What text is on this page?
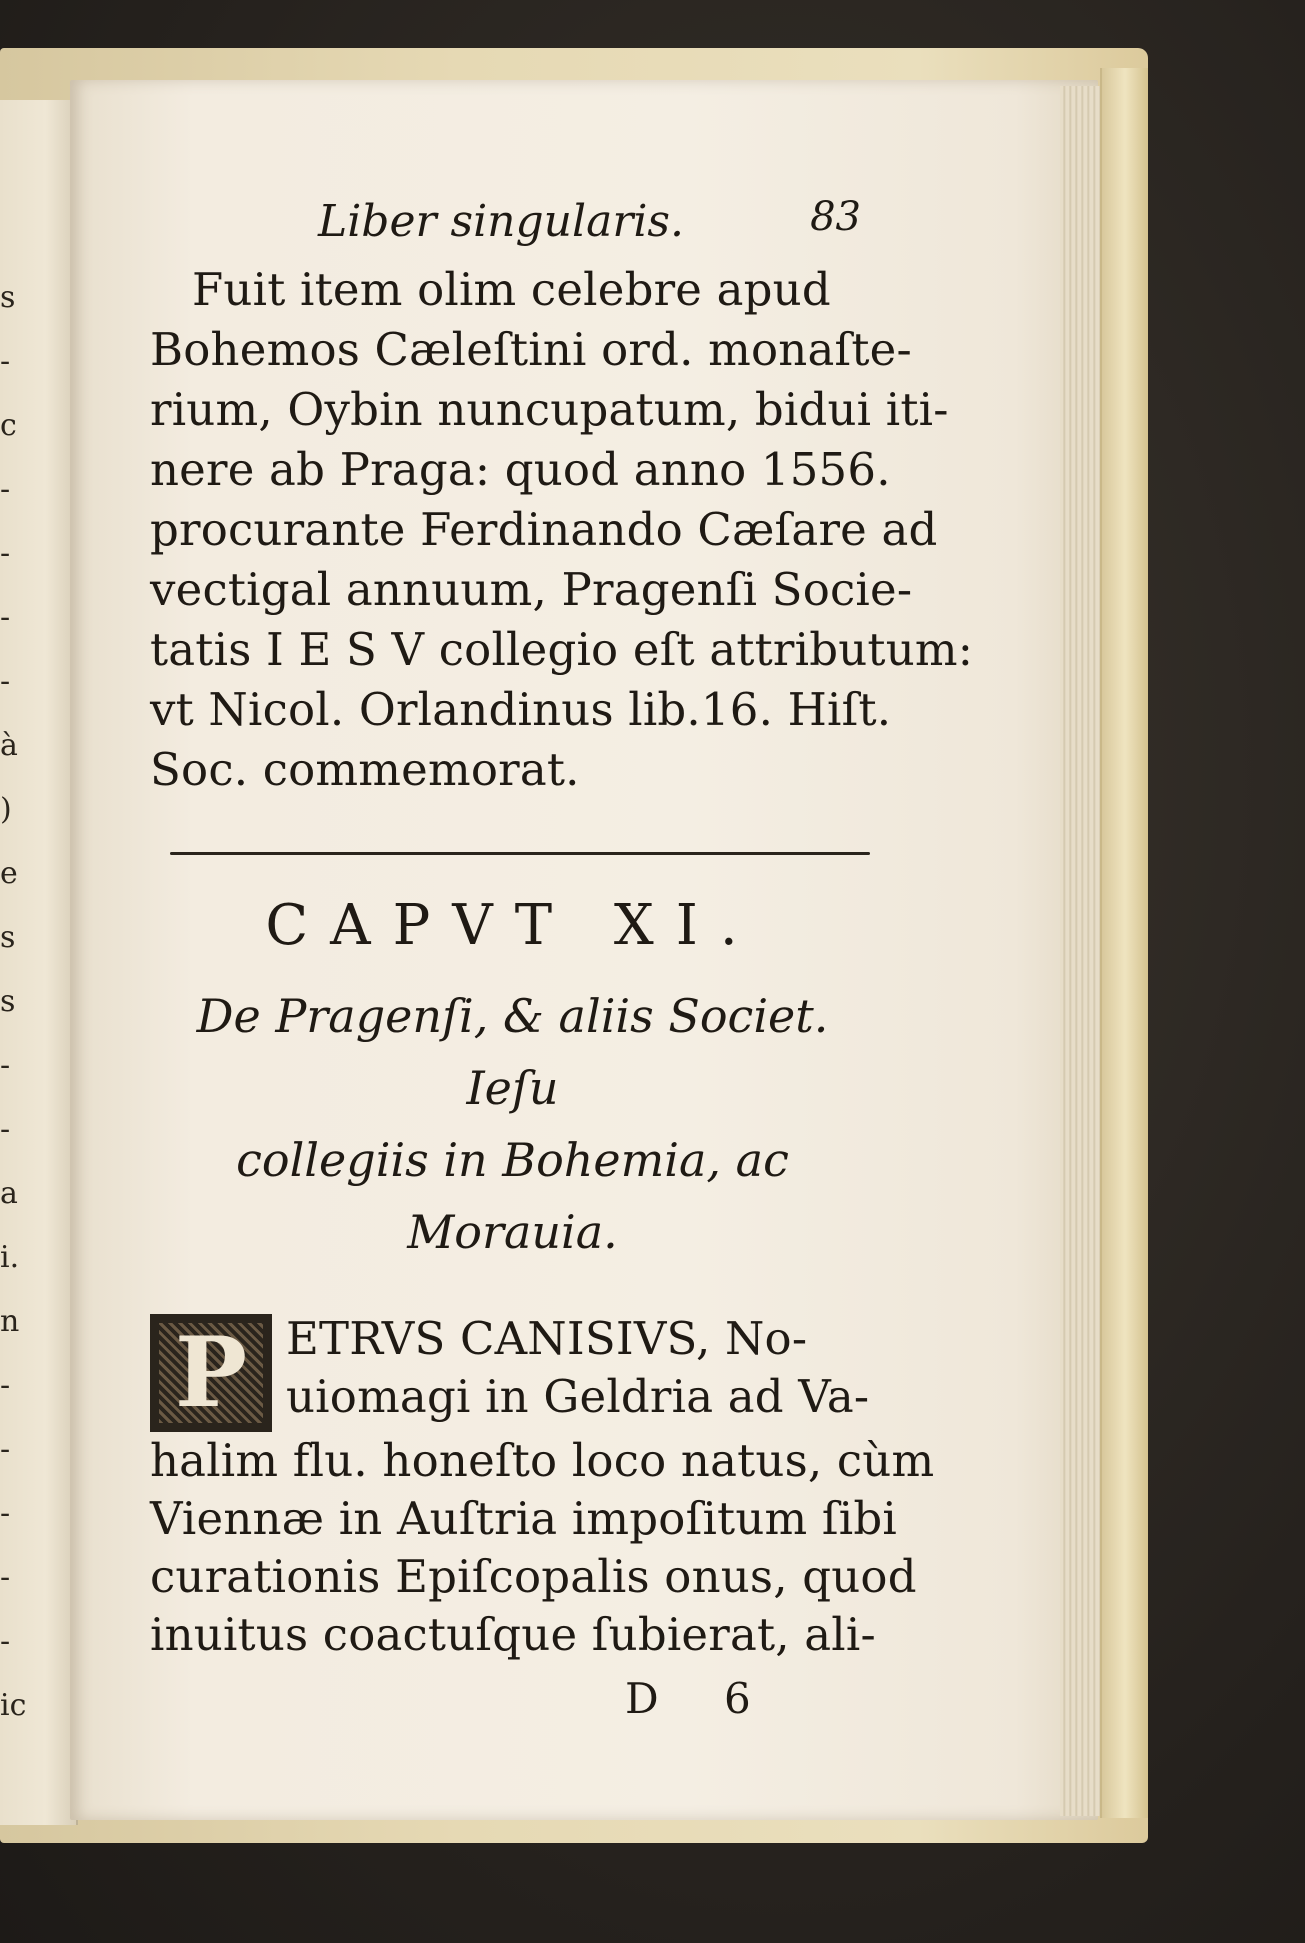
s
-
c
-
-
-
-
à
)
e
s
s
-
-
a
i.
n
-
-
-
-
-
ic
Liber singularis.	83
Fuit item olim celebre apud
Bohemos Cæleſtini ord. monaſte-
rium, Oybin nuncupatum, bidui iti-
nere ab Praga: quod anno 1556.
procurante Ferdinando Cæſare ad
vectigal annuum, Pragenſi Socie-
tatis I E S V collegio eſt attributum:
vt Nicol. Orlandinus lib.16. Hiſt.
Soc. commemorat.
CAPVT XI.
De Pragenſi, & aliis Societ. Ieſu
collegiis in Bohemia, ac
Morauia.
P ETRVS CANISIVS, No-
uiomagi in Geldria ad Va-
halim flu. honeſto loco natus, cùm
Viennæ in Auſtria impoſitum ſibi
curationis Epiſcopalis onus, quod
inuitus coactuſque ſubierat, ali-
D 6
